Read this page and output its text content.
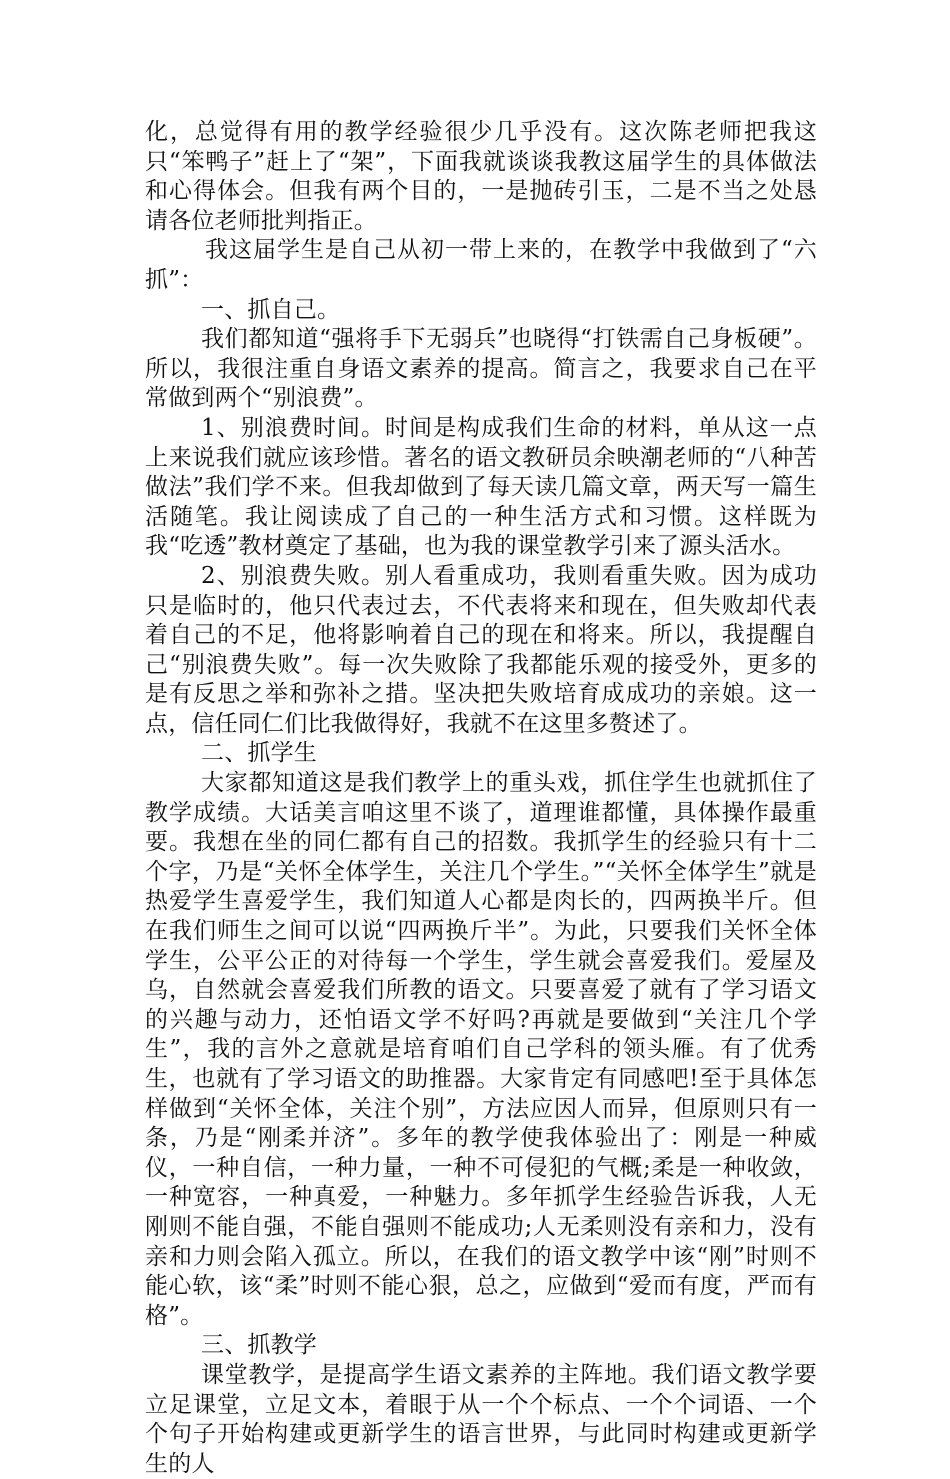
化，总觉得有用的教学经验很少几乎没有。这次陈老师把我这只“笨鸭子”赶上了“架”，下面我就谈谈我教这届学生的具体做法和心得体会。但我有两个目的，一是抛砖引玉，二是不当之处恳请各位老师批判指正。

我这届学生是自己从初一带上来的，在教学中我做到了“六抓”：

一、抓自己。

我们都知道“强将手下无弱兵”也晓得“打铁需自己身板硬”。所以，我很注重自身语文素养的提高。简言之，我要求自己在平常做到两个“别浪费”。

1、别浪费时间。时间是构成我们生命的材料，单从这一点上来说我们就应该珍惜。著名的语文教研员余映潮老师的“八种苦做法”我们学不来。但我却做到了每天读几篇文章，两天写一篇生活随笔。我让阅读成了自己的一种生活方式和习惯。这样既为我“吃透”教材奠定了基础，也为我的课堂教学引来了源头活水。

2、别浪费失败。别人看重成功，我则看重失败。因为成功只是临时的，他只代表过去，不代表将来和现在，但失败却代表着自己的不足，他将影响着自己的现在和将来。所以，我提醒自己“别浪费失败”。每一次失败除了我都能乐观的接受外，更多的是有反思之举和弥补之措。坚决把失败培育成成功的亲娘。这一点，信任同仁们比我做得好，我就不在这里多赘述了。

二、抓学生

大家都知道这是我们教学上的重头戏，抓住学生也就抓住了教学成绩。大话美言咱这里不谈了，道理谁都懂，具体操作最重要。我想在坐的同仁都有自己的招数。我抓学生的经验只有十二个字，乃是“关怀全体学生，关注几个学生。”“关怀全体学生”就是热爱学生喜爱学生，我们知道人心都是肉长的，四两换半斤。但在我们师生之间可以说“四两换斤半”。为此，只要我们关怀全体学生，公平公正的对待每一个学生，学生就会喜爱我们。爱屋及乌，自然就会喜爱我们所教的语文。只要喜爱了就有了学习语文的兴趣与动力，还怕语文学不好吗?再就是要做到“关注几个学生”，我的言外之意就是培育咱们自己学科的领头雁。有了优秀生，也就有了学习语文的助推器。大家肯定有同感吧!至于具体怎样做到“关怀全体，关注个别”，方法应因人而异，但原则只有一条，乃是“刚柔并济”。多年的教学使我体验出了：刚是一种威仪，一种自信，一种力量，一种不可侵犯的气概;柔是一种收敛，一种宽容，一种真爱，一种魅力。多年抓学生经验告诉我，人无刚则不能自强，不能自强则不能成功;人无柔则没有亲和力，没有亲和力则会陷入孤立。所以，在我们的语文教学中该“刚”时则不能心软，该“柔”时则不能心狠，总之，应做到“爱而有度，严而有格”。

三、抓教学

课堂教学，是提高学生语文素养的主阵地。我们语文教学要立足课堂，立足文本，着眼于从一个个标点、一个个词语、一个个句子开始构建或更新学生的语言世界，与此同时构建或更新学生的人
